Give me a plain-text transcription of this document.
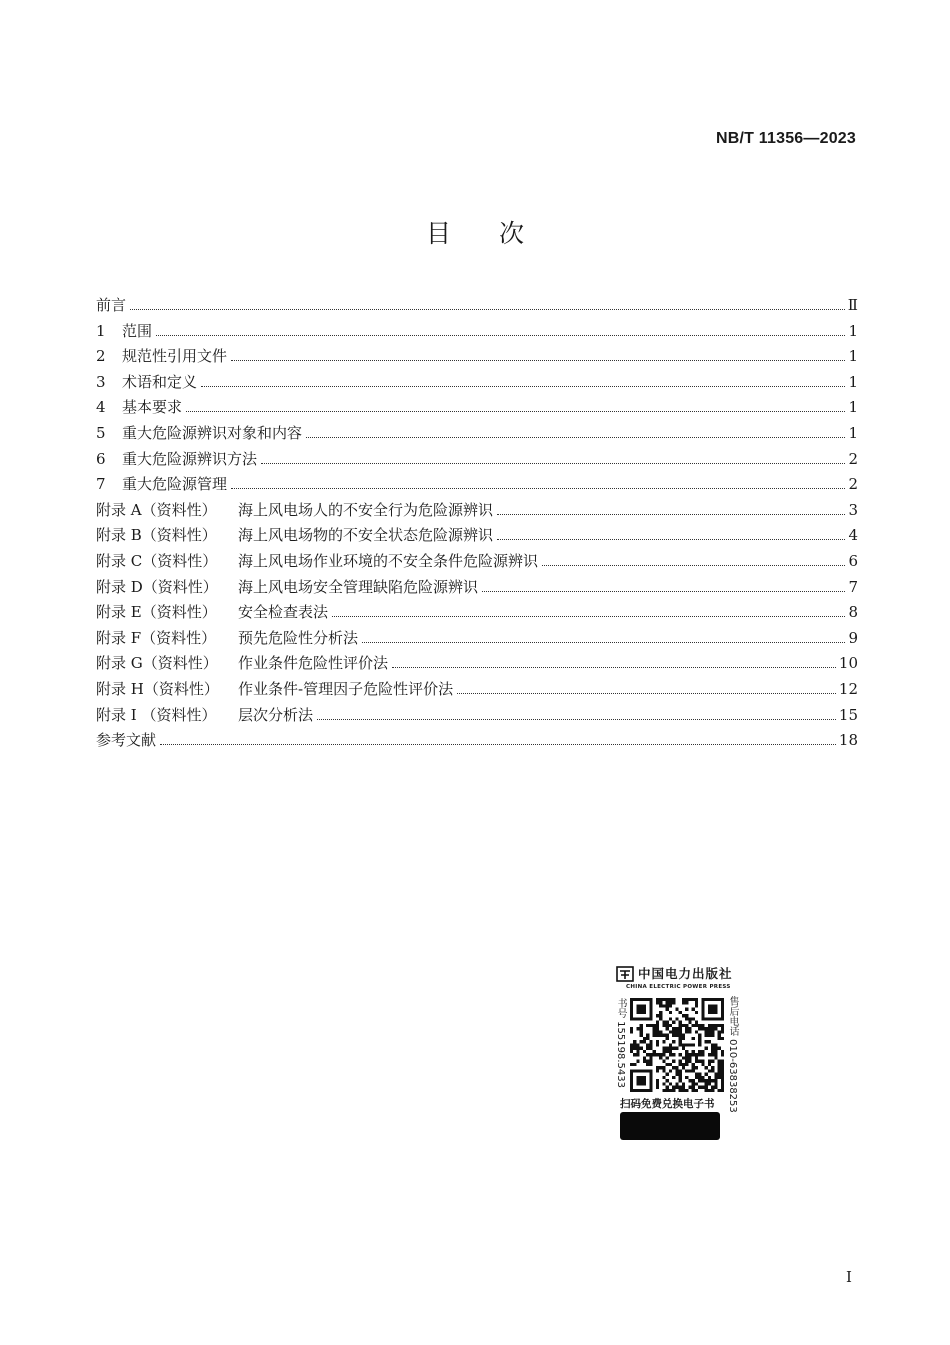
NB/T 11356—2023
目次
前言	Ⅱ
1	范围	1
2	规范性引用文件	1
3	术语和定义	1
4	基本要求	1
5	重大危险源辨识对象和内容	1
6	重大危险源辨识方法	2
7	重大危险源管理	2
附录 A（资料性）	海上风电场人的不安全行为危险源辨识	3
附录 B（资料性）	海上风电场物的不安全状态危险源辨识	4
附录 C（资料性）	海上风电场作业环境的不安全条件危险源辨识	6
附录 D（资料性）	海上风电场安全管理缺陷危险源辨识	7
附录 E（资料性）	安全检查表法	8
附录 F（资料性）	预先危险性分析法	9
附录 G（资料性）	作业条件危险性评价法	10
附录 H（资料性）	作业条件-管理因子危险性评价法	12
附录 I （资料性）	层次分析法	15
参考文献	18
中国电力出版社
CHINA ELECTRIC POWER PRESS
书号 155198.5433	售后电话 010-63838253
扫码免费兑换电子书
I
